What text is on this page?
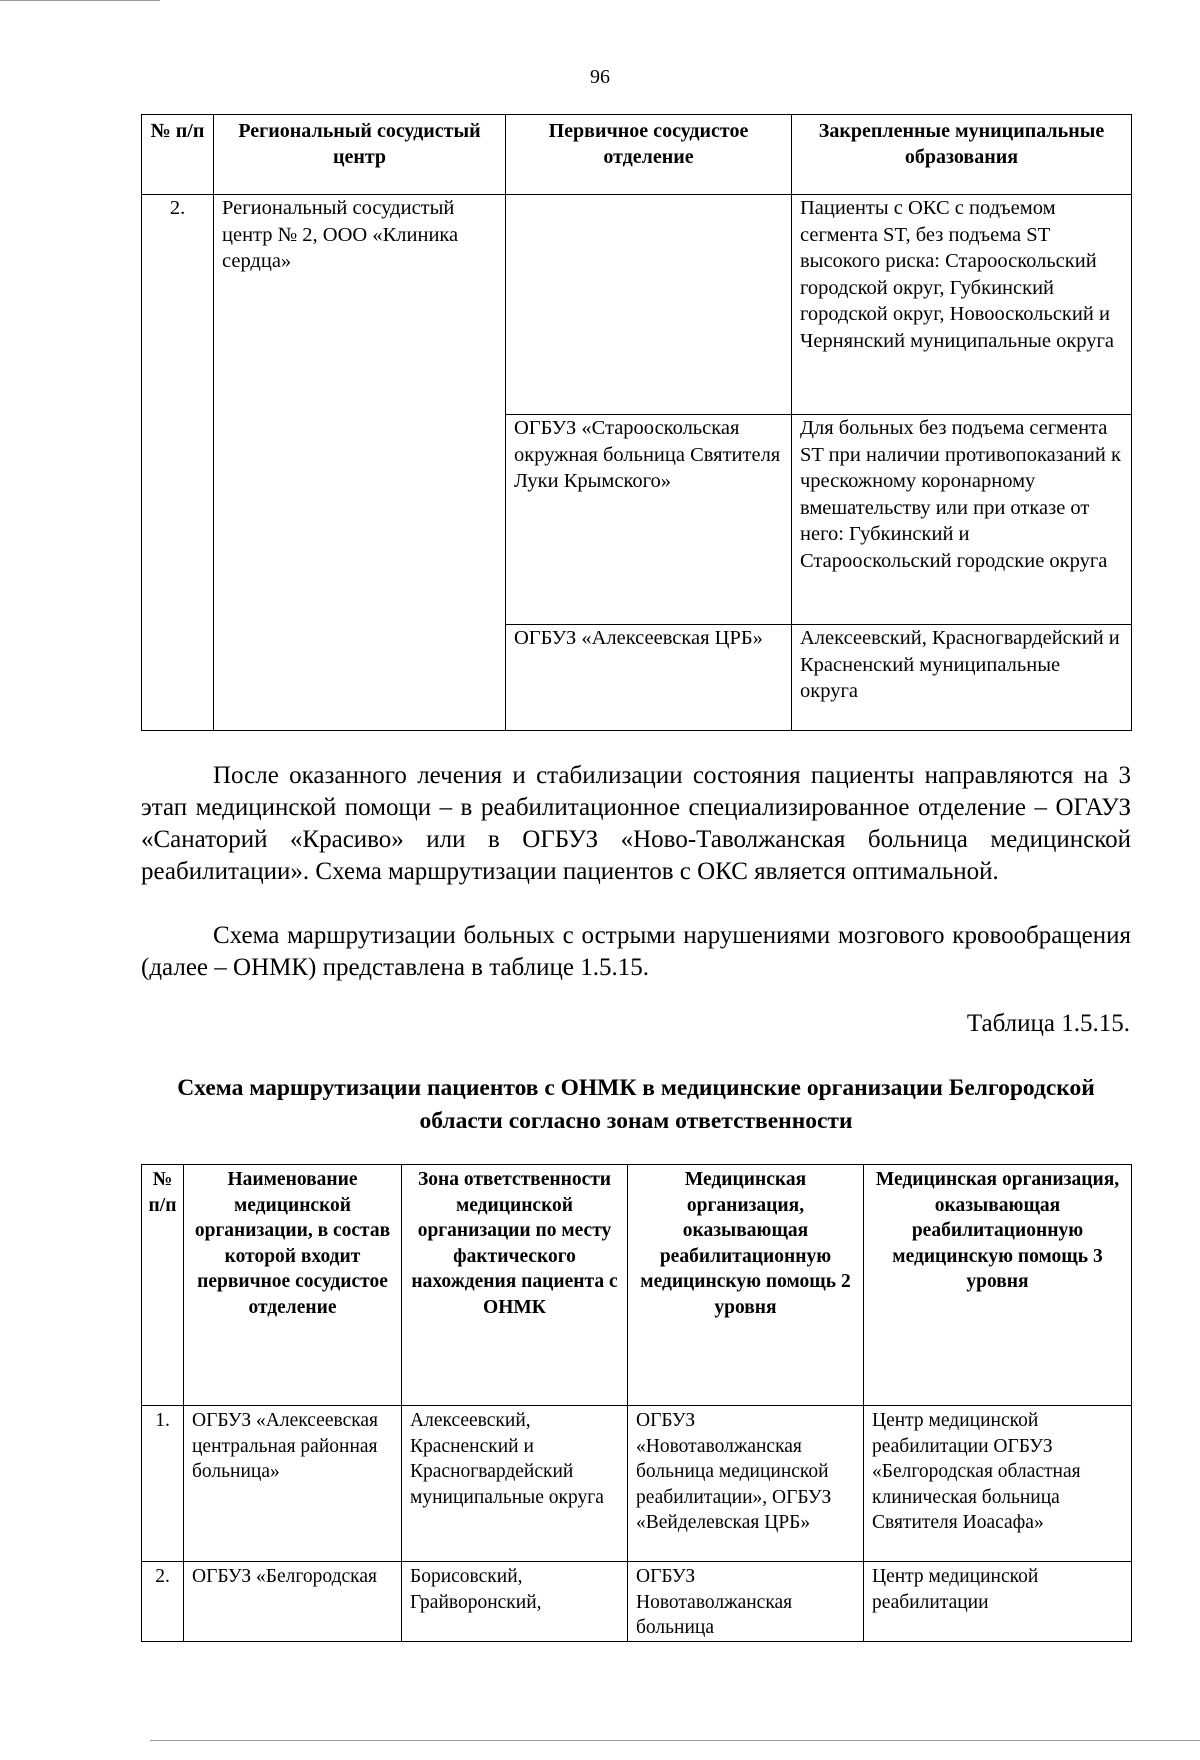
96
№ п/п	Региональный сосудистый центр	Первичное сосудистое отделение	Закрепленные муниципальные образования
2.	Региональный сосудистый центр № 2, ООО «Клиника сердца»		Пациенты с ОКС с подъемом сегмента ST, без подъема ST высокого риска: Старооскольский городской округ, Губкинский городской округ, Новооскольский и Чернянский муниципальные округа
		ОГБУЗ «Старооскольская окружная больница Святителя Луки Крымского»	Для больных без подъема сегмента ST при наличии противопоказаний к чрескожному коронарному вмешательству или при отказе от него: Губкинский и Старооскольский городские округа
		ОГБУЗ «Алексеевская ЦРБ»	Алексеевский, Красногвардейский и Красненский муниципальные округа
После оказанного лечения и стабилизации состояния пациенты направляются на 3 этап медицинской помощи – в реабилитационное специализированное отделение – ОГАУЗ «Санаторий «Красиво» или в ОГБУЗ «Ново-Таволжанская больница медицинской реабилитации». Схема маршрутизации пациентов с ОКС является оптимальной.
Схема маршрутизации больных с острыми нарушениями мозгового кровообращения (далее – ОНМК) представлена в таблице 1.5.15.
Таблица 1.5.15.
Схема маршрутизации пациентов с ОНМК в медицинские организации Белгородской области согласно зонам ответственности
№ п/п	Наименование медицинской организации, в состав которой входит первичное сосудистое отделение	Зона ответственности медицинской организации по месту фактического нахождения пациента с ОНМК	Медицинская организация, оказывающая реабилитационную медицинскую помощь 2 уровня	Медицинская организация, оказывающая реабилитационную медицинскую помощь 3 уровня
1.	ОГБУЗ «Алексеевская центральная районная больница»	Алексеевский, Красненский и Красногвардейский муниципальные округа	ОГБУЗ «Новотаволжанская больница медицинской реабилитации», ОГБУЗ «Вейделевская ЦРБ»	Центр медицинской реабилитации ОГБУЗ «Белгородская областная клиническая больница Святителя Иоасафа»
2.	ОГБУЗ «Белгородская	Борисовский, Грайворонский,	ОГБУЗ Новотаволжанская больница	Центр медицинской реабилитации
